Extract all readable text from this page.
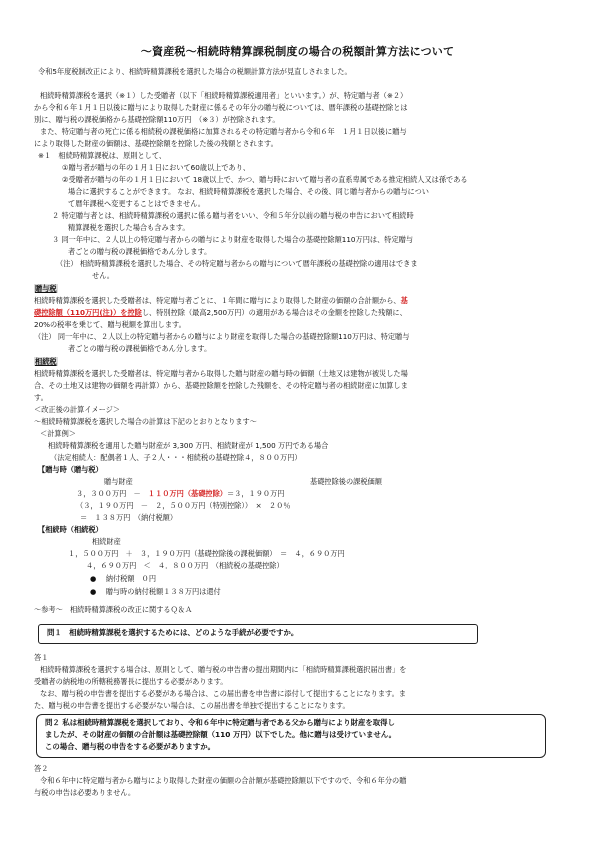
～資産税～相続時精算課税制度の場合の税額計算方法について
令和5年度税制改正により、相続時精算課税を選択した場合の税額計算方法が見直しされました。
相続時精算課税を選択（※１）した受贈者（以下「相続時精算課税適用者」といいます。）が、特定贈与者（※２）
から令和６年１月１日以後に贈与により取得した財産に係るその年分の贈与税については、暦年課税の基礎控除とは
別に、贈与税の課税価格から基礎控除額110万円　（※３）が控除されます。
また、特定贈与者の死亡に係る相続税の課税価格に加算されるその特定贈与者から令和６年　１月１日以後に贈与
により取得した財産の価額は、基礎控除額を控除した後の残額とされます。
※１　相続時精算課税は、原則として、
①贈与者が贈与の年の１月１日において60歳以上であり、
②受贈者が贈与の年の１月１日において 18歳以上で、かつ、贈与時において贈与者の直系卑属である推定相続人又は孫である
場合に選択することができます。 なお、相続時精算課税を選択した場合、その後、同じ贈与者からの贈与につい
て暦年課税へ変更することはできません。
２ 特定贈与者とは、相続時精算課税の選択に係る贈与者をいい、令和５年分以前の贈与税の申告において相続時
精算課税を選択した場合も含みます。
３ 同一年中に、２人以上の特定贈与者からの贈与により財産を取得した場合の基礎控除額110万円は、特定贈与
者ごとの贈与税の課税価格であん分します。
（注） 相続時精算課税を選択した場合、その特定贈与者からの贈与について暦年課税の基礎控除の適用はできま
せん。
贈与税
相続時精算課税を選択した受贈者は、特定贈与者ごとに、１年間に贈与により取得した財産の価額の合計額から、基
礎控除額（110万円(注)）を控除し、特別控除（最高2,500万円）の適用がある場合はその金額を控除した残額に、
20%の税率を乗じて、贈与税額を算出します。
（注） 同一年中に、２人以上の特定贈与者からの贈与により財産を取得した場合の基礎控除額110万円は、特定贈与
者ごとの贈与税の課税価格であん分します。
相続税
相続時精算課税を選択した受贈者は、特定贈与者から取得した贈与財産の贈与時の価額（土地又は建物が被災した場
合、その土地又は建物の価額を再計算）から、基礎控除額を控除した残額を、その特定贈与者の相続財産に加算しま
す。
＜改正後の計算イメージ＞
～相続時精算課税を選択した場合の計算は下記のとおりとなります～
＜計算例＞
相続時精算課税を適用した贈与財産が 3,300 万円、相続財産が 1,500 万円である場合
（法定相続人：配偶者１人、子２人・・・相続税の基礎控除４，８００万円）
【贈与時（贈与税）
贈与財産	基礎控除後の課税価額
３，３００万円　－　 １１０万円（基礎控除）＝３，１９０万円
（３，１９０万円　－　２，５００万円（特別控除））　×　２０％
＝　１３８万円　（納付税額）
【相続時（相続税）
相続財産
１，５００万円　＋　３，１９０万円（基礎控除後の課税価額）　＝　４，６９０万円
４，６９０万円　＜　４．８００万円　（相続税の基礎控除）
●　 納付税額　０円
●　 贈与時の納付税額１３８万円は還付
～参考～　相続時精算課税の改正に関するＱ＆Ａ
問１　相続時精算課税を選択するためには、どのような手続が必要ですか。
答１
相続時精算課税を選択する場合は、原則として、贈与税の申告書の提出期間内に「相続時精算課税選択届出書」を
受贈者の納税地の所轄税務署長に提出する必要があります。
なお、贈与税の申告書を提出する必要がある場合は、この届出書を申告書に添付して提出することになります。ま
た、贈与税の申告書を提出する必要がない場合は、この届出書を単独で提出することになります。
問２ 私は相続時精算課税を選択しており、令和６年中に特定贈与者である父から贈与により財産を取得し
ましたが、その財産の価額の合計額は基礎控除額（110 万円）以下でした。他に贈与は受けていません。
この場合、贈与税の申告をする必要がありますか。
答２
令和６年中に特定贈与者から贈与により取得した財産の価額の合計額が基礎控除額以下ですので、令和６年分の贈
与税の申告は必要ありません。
